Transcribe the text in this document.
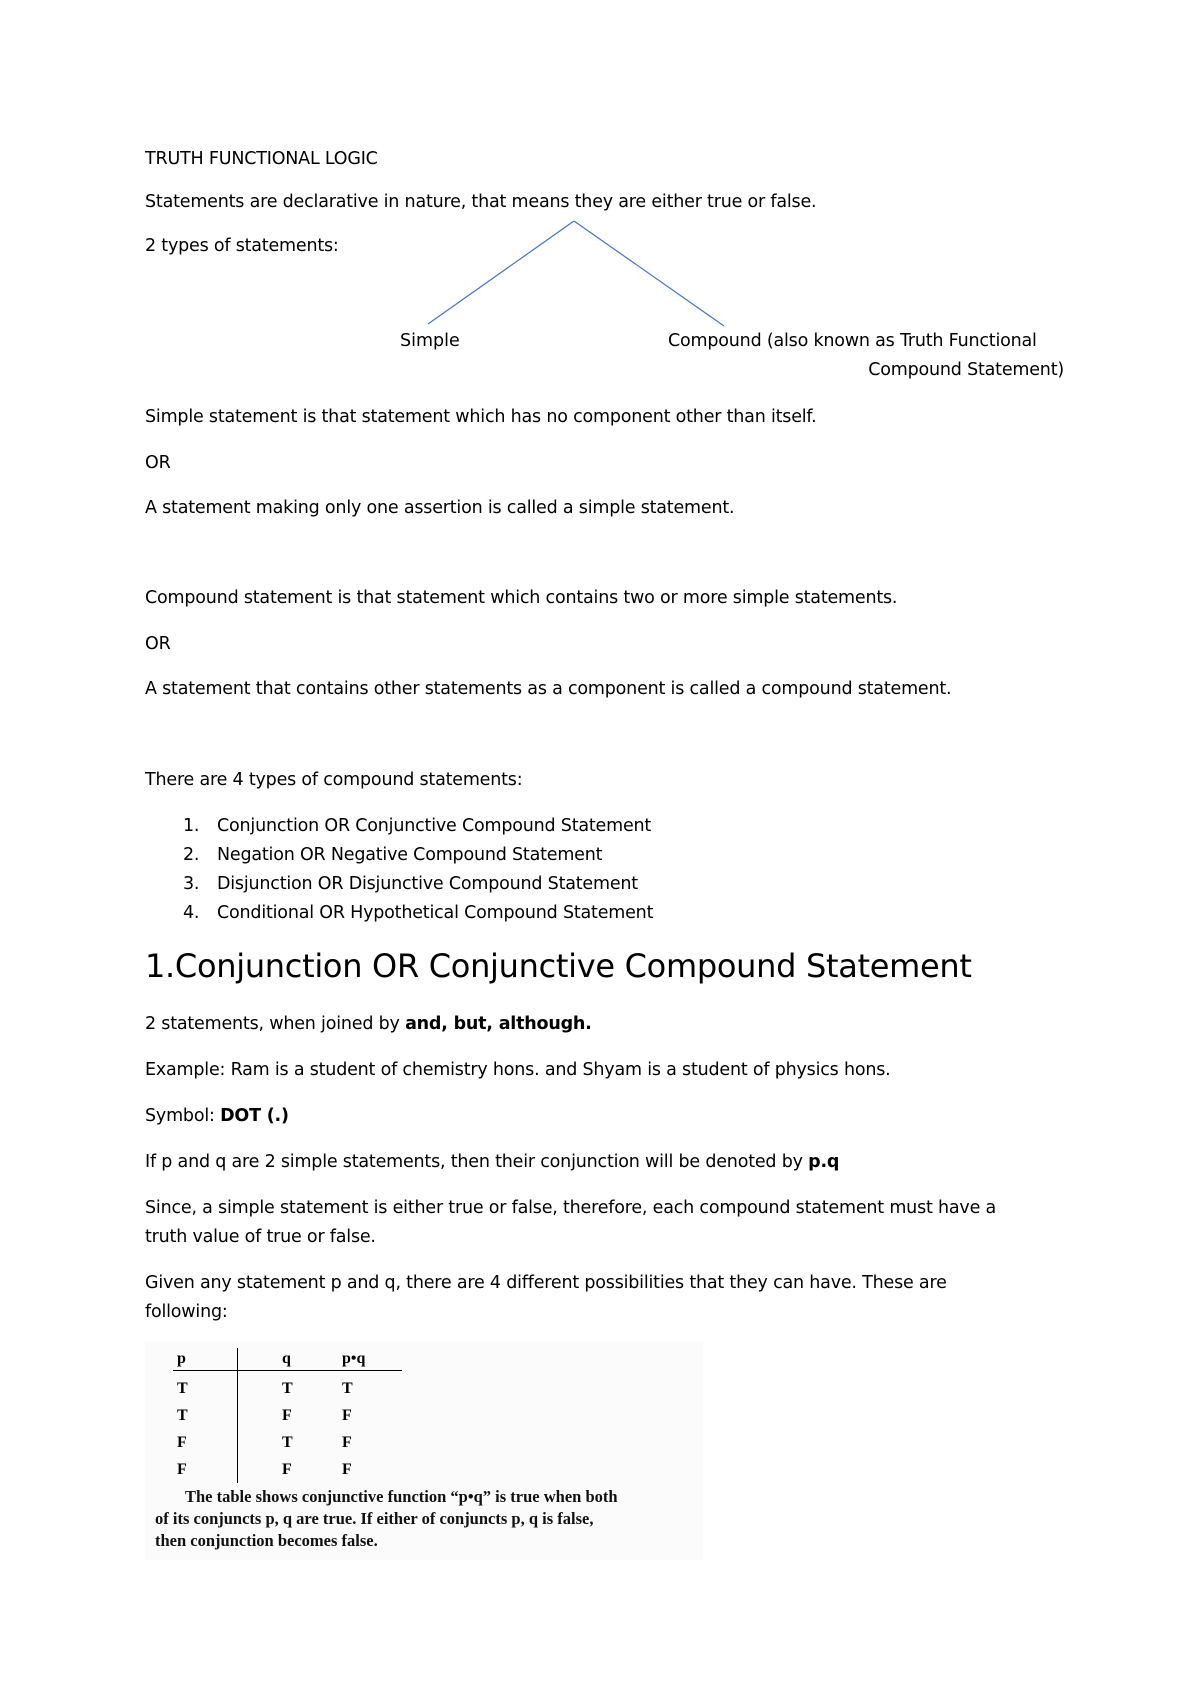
TRUTH FUNCTIONAL LOGIC
Statements are declarative in nature, that means they are either true or false.
2 types of statements:
Simple	Compound (also known as Truth Functional
Compound Statement)
Simple statement is that statement which has no component other than itself.
OR
A statement making only one assertion is called a simple statement.
Compound statement is that statement which contains two or more simple statements.
OR
A statement that contains other statements as a component is called a compound statement.
There are 4 types of compound statements:
1. Conjunction OR Conjunctive Compound Statement
2. Negation OR Negative Compound Statement
3. Disjunction OR Disjunctive Compound Statement
4. Conditional OR Hypothetical Compound Statement
1.Conjunction OR Conjunctive Compound Statement
2 statements, when joined by and, but, although.
Example: Ram is a student of chemistry hons. and Shyam is a student of physics hons.
Symbol: DOT (.)
If p and q are 2 simple statements, then their conjunction will be denoted by p.q
Since, a simple statement is either true or false, therefore, each compound statement must have a
truth value of true or false.
Given any statement p and q, there are 4 different possibilities that they can have. These are
following:
p	q	p•q
T	T	T
T	F	F
F	T	F
F	F	F
The table shows conjunctive function “p•q” is true when both
of its conjuncts p, q are true. If either of conjuncts p, q is false,
then conjunction becomes false.
